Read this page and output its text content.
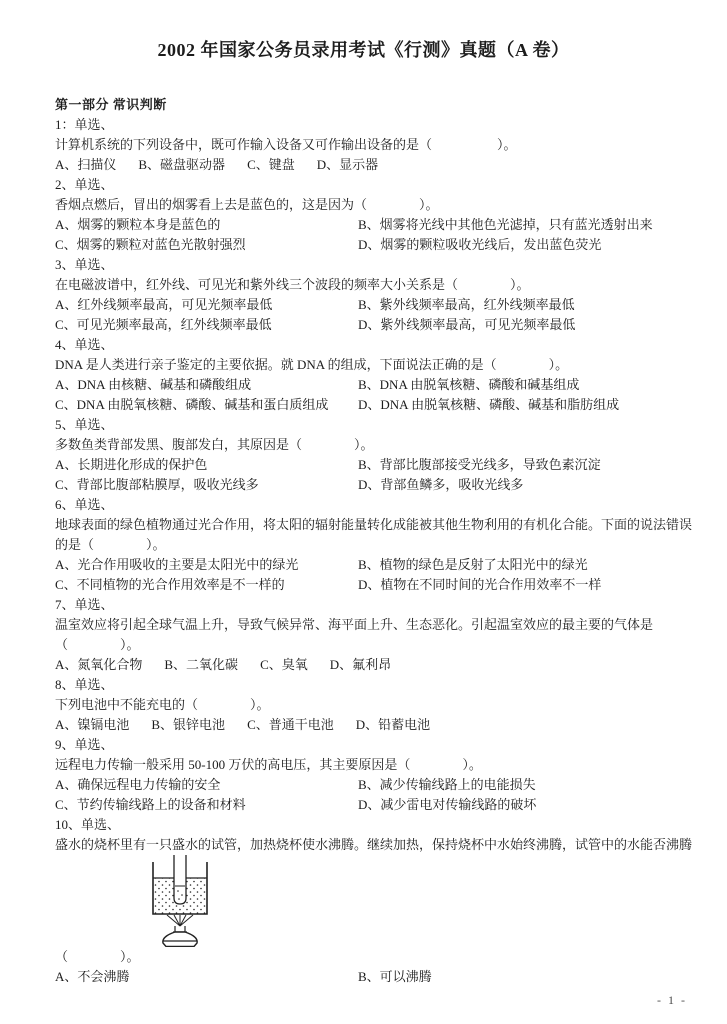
2002 年国家公务员录用考试《行测》真题（A 卷）
第一部分 常识判断
1：单选、
计算机系统的下列设备中，既可作输入设备又可作输出设备的是（　　　　　）。
A、扫描仪 B、磁盘驱动器 C、键盘 D、显示器
2、单选、
香烟点燃后，冒出的烟雾看上去是蓝色的，这是因为（　　　　）。
A、烟雾的颗粒本身是蓝色的	B、烟雾将光线中其他色光滤掉，只有蓝光透射出来
C、烟雾的颗粒对蓝色光散射强烈	D、烟雾的颗粒吸收光线后，发出蓝色荧光
3、单选、
在电磁波谱中，红外线、可见光和紫外线三个波段的频率大小关系是（　　　　）。
A、红外线频率最高，可见光频率最低	B、紫外线频率最高，红外线频率最低
C、可见光频率最高，红外线频率最低	D、紫外线频率最高，可见光频率最低
4、单选、
DNA 是人类进行亲子鉴定的主要依据。就 DNA 的组成，下面说法正确的是（　　　　）。
A、DNA 由核糖、碱基和磷酸组成	B、DNA 由脱氧核糖、磷酸和碱基组成
C、DNA 由脱氧核糖、磷酸、碱基和蛋白质组成	D、DNA 由脱氧核糖、磷酸、碱基和脂肪组成
5、单选、
多数鱼类背部发黑、腹部发白，其原因是（　　　　）。
A、长期进化形成的保护色	B、背部比腹部接受光线多，导致色素沉淀
C、背部比腹部粘膜厚，吸收光线多	D、背部鱼鳞多，吸收光线多
6、单选、
地球表面的绿色植物通过光合作用，将太阳的辐射能量转化成能被其他生物利用的有机化合能。下面的说法错误
的是（　　　　）。
A、光合作用吸收的主要是太阳光中的绿光	B、植物的绿色是反射了太阳光中的绿光
C、不同植物的光合作用效率是不一样的	D、植物在不同时间的光合作用效率不一样
7、单选、
温室效应将引起全球气温上升，导致气候异常、海平面上升、生态恶化。引起温室效应的最主要的气体是
（　　　　）。
A、氮氧化合物 B、二氧化碳 C、臭氧 D、氟利昂
8、单选、
下列电池中不能充电的（　　　　）。
A、镍镉电池 B、银锌电池 C、普通干电池 D、铅蓄电池
9、单选、
远程电力传输一般采用 50-100 万伏的高电压，其主要原因是（　　　　）。
A、确保远程电力传输的安全	B、减少传输线路上的电能损失
C、节约传输线路上的设备和材料	D、减少雷电对传输线路的破坏
10、单选、
盛水的烧杯里有一只盛水的试管，加热烧杯使水沸腾。继续加热，保持烧杯中水始终沸腾，试管中的水能否沸腾
（　　　　）。
A、不会沸腾	B、可以沸腾
- 1 -
